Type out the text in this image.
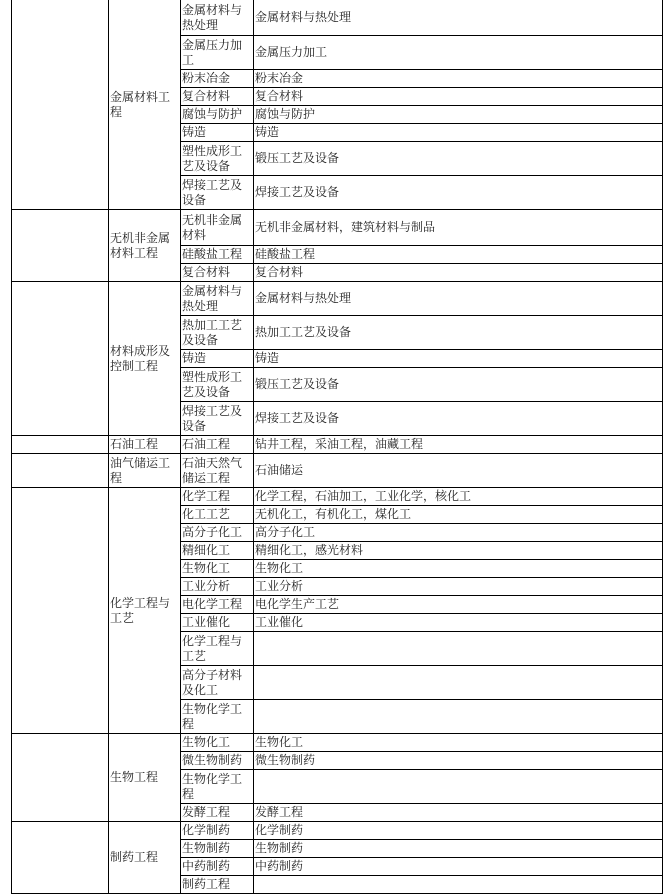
	金属材料工程	金属材料与热处理	金属材料与热处理
		金属压力加工	金属压力加工
		粉末冶金	粉末冶金
		复合材料	复合材料
		腐蚀与防护	腐蚀与防护
		铸造	铸造
		塑性成形工艺及设备	锻压工艺及设备
		焊接工艺及设备	焊接工艺及设备
	无机非金属材料工程	无机非金属材料	无机非金属材料，建筑材料与制品
		硅酸盐工程	硅酸盐工程
		复合材料	复合材料
	材料成形及控制工程	金属材料与热处理	金属材料与热处理
		热加工工艺及设备	热加工工艺及设备
		铸造	铸造
		塑性成形工艺及设备	锻压工艺及设备
		焊接工艺及设备	焊接工艺及设备
	石油工程	石油工程	钻井工程，采油工程，油藏工程
	油气储运工程	石油天然气储运工程	石油储运
	化学工程与工艺	化学工程	化学工程，石油加工，工业化学，核化工
		化工工艺	无机化工，有机化工，煤化工
		高分子化工	高分子化工
		精细化工	精细化工，感光材料
		生物化工	生物化工
		工业分析	工业分析
		电化学工程	电化学生产工艺
		工业催化	工业催化
		化学工程与工艺	
		高分子材料及化工	
		生物化学工程	
	生物工程	生物化工	生物化工
		微生物制药	微生物制药
		生物化学工程	
		发酵工程	发酵工程
	制药工程	化学制药	化学制药
		生物制药	生物制药
		中药制药	中药制药
		制药工程	
